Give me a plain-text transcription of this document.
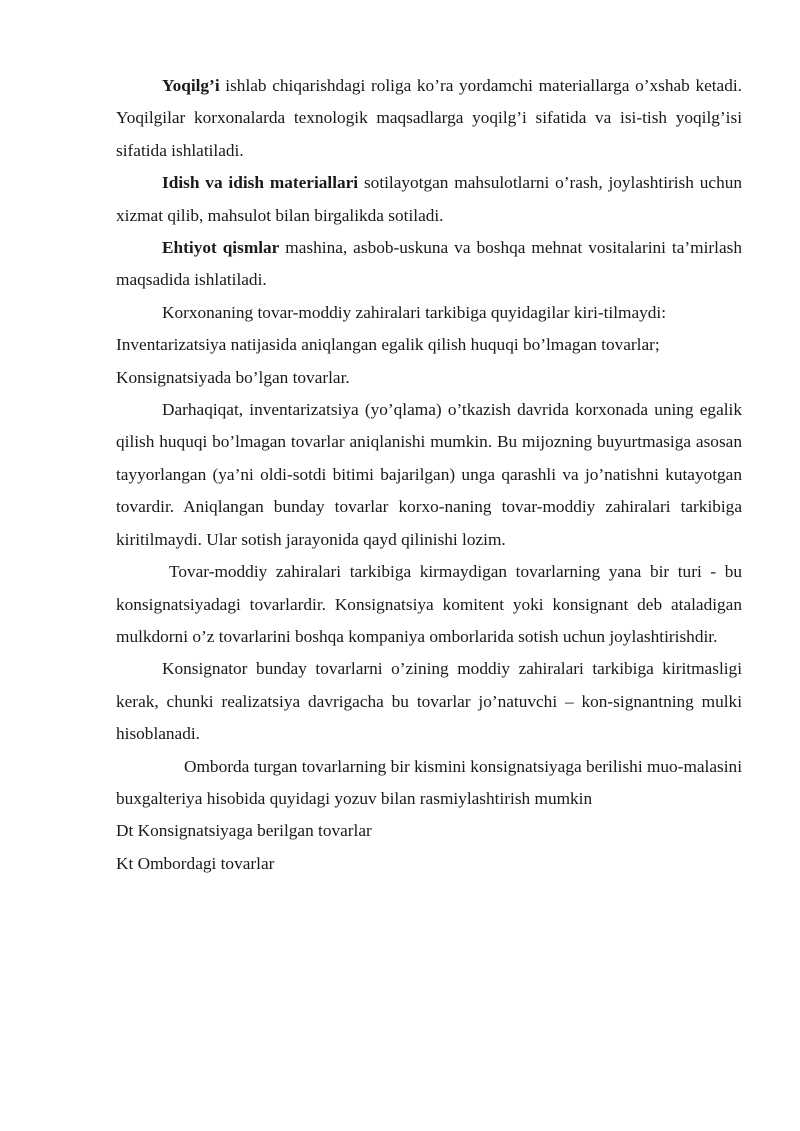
Yoqilg’i ishlab chiqarishdagi roliga ko’ra yordamchi materiallarga o’xshab ketadi. Yoqilgilar korxonalarda texnologik maqsadlarga yoqilg’i sifatida va isi-tish yoqilg’isi sifatida ishlatiladi.

Idish va idish materiallari sotilayotgan mahsulotlarni o’rash, joylashtirish uchun xizmat qilib, mahsulot bilan birgalikda sotiladi.

Ehtiyot qismlar mashina, asbob-uskuna va boshqa mehnat vositalarini ta’mirlash maqsadida ishlatiladi.

Korxonaning tovar-moddiy zahiralari tarkibiga quyidagilar kiri-tilmaydi:

Inventarizatsiya natijasida aniqlangan egalik qilish huquqi bo’lmagan tovarlar;

Konsignatsiyada bo’lgan tovarlar.

Darhaqiqat, inventarizatsiya (yo’qlama) o’tkazish davrida korxonada uning egalik qilish huquqi bo’lmagan tovarlar aniqlanishi mumkin. Bu mijozning buyurtmasiga asosan tayyorlangan (ya’ni oldi-sotdi bitimi bajarilgan) unga qarashli va jo’natishni kutayotgan tovardir. Aniqlangan bunday tovarlar korxo-naning tovar-moddiy zahiralari tarkibiga kiritilmaydi. Ular sotish jarayonida qayd qilinishi lozim.

Tovar-moddiy zahiralari tarkibiga kirmaydigan tovarlarning yana bir turi - bu konsignatsiyadagi tovarlardir. Konsignatsiya komitent yoki konsignant deb ataladigan mulkdorni o’z tovarlarini boshqa kompaniya omborlarida sotish uchun joylashtirishdir.

Konsignator bunday tovarlarni o’zining moddiy zahiralari tarkibiga kiritmasligi kerak, chunki realizatsiya davrigacha bu tovarlar jo’natuvchi – kon-signantning mulki hisoblanadi.

Omborda turgan tovarlarning bir kismini konsignatsiyaga berilishi muo-malasini buxgalteriya hisobida quyidagi yozuv bilan rasmiylashtirish mumkin

Dt Konsignatsiyaga berilgan tovarlar

Kt Ombordagi tovarlar
